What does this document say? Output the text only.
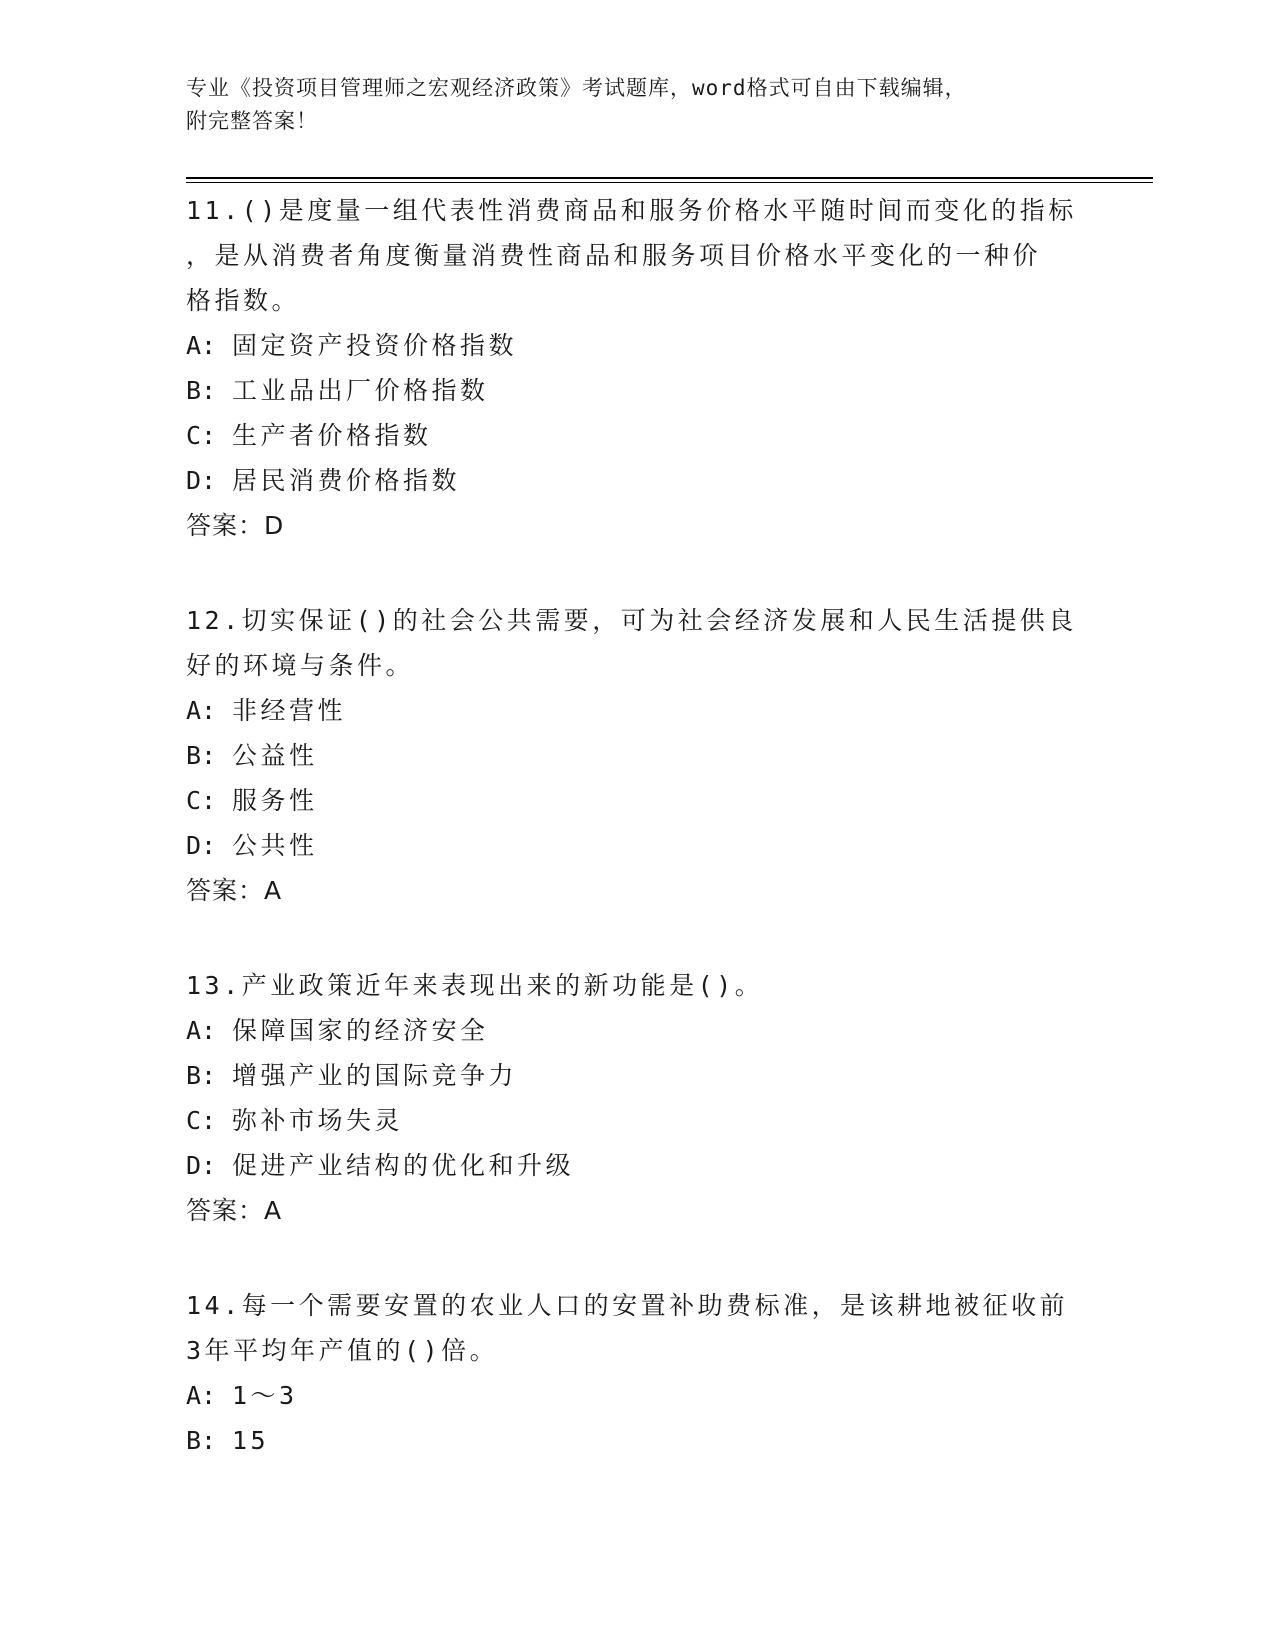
专业《投资项目管理师之宏观经济政策》考试题库，word格式可自由下载编辑，
附完整答案！
11.()是度量一组代表性消费商品和服务价格水平随时间而变化的指标
，是从消费者角度衡量消费性商品和服务项目价格水平变化的一种价
格指数。
A: 固定资产投资价格指数
B: 工业品出厂价格指数
C: 生产者价格指数
D: 居民消费价格指数
答案：D
12.切实保证()的社会公共需要，可为社会经济发展和人民生活提供良
好的环境与条件。
A: 非经营性
B: 公益性
C: 服务性
D: 公共性
答案：A
13.产业政策近年来表现出来的新功能是()。
A: 保障国家的经济安全
B: 增强产业的国际竞争力
C: 弥补市场失灵
D: 促进产业结构的优化和升级
答案：A
14.每一个需要安置的农业人口的安置补助费标准，是该耕地被征收前
3年平均年产值的()倍。
A: 1～3
B: 15
